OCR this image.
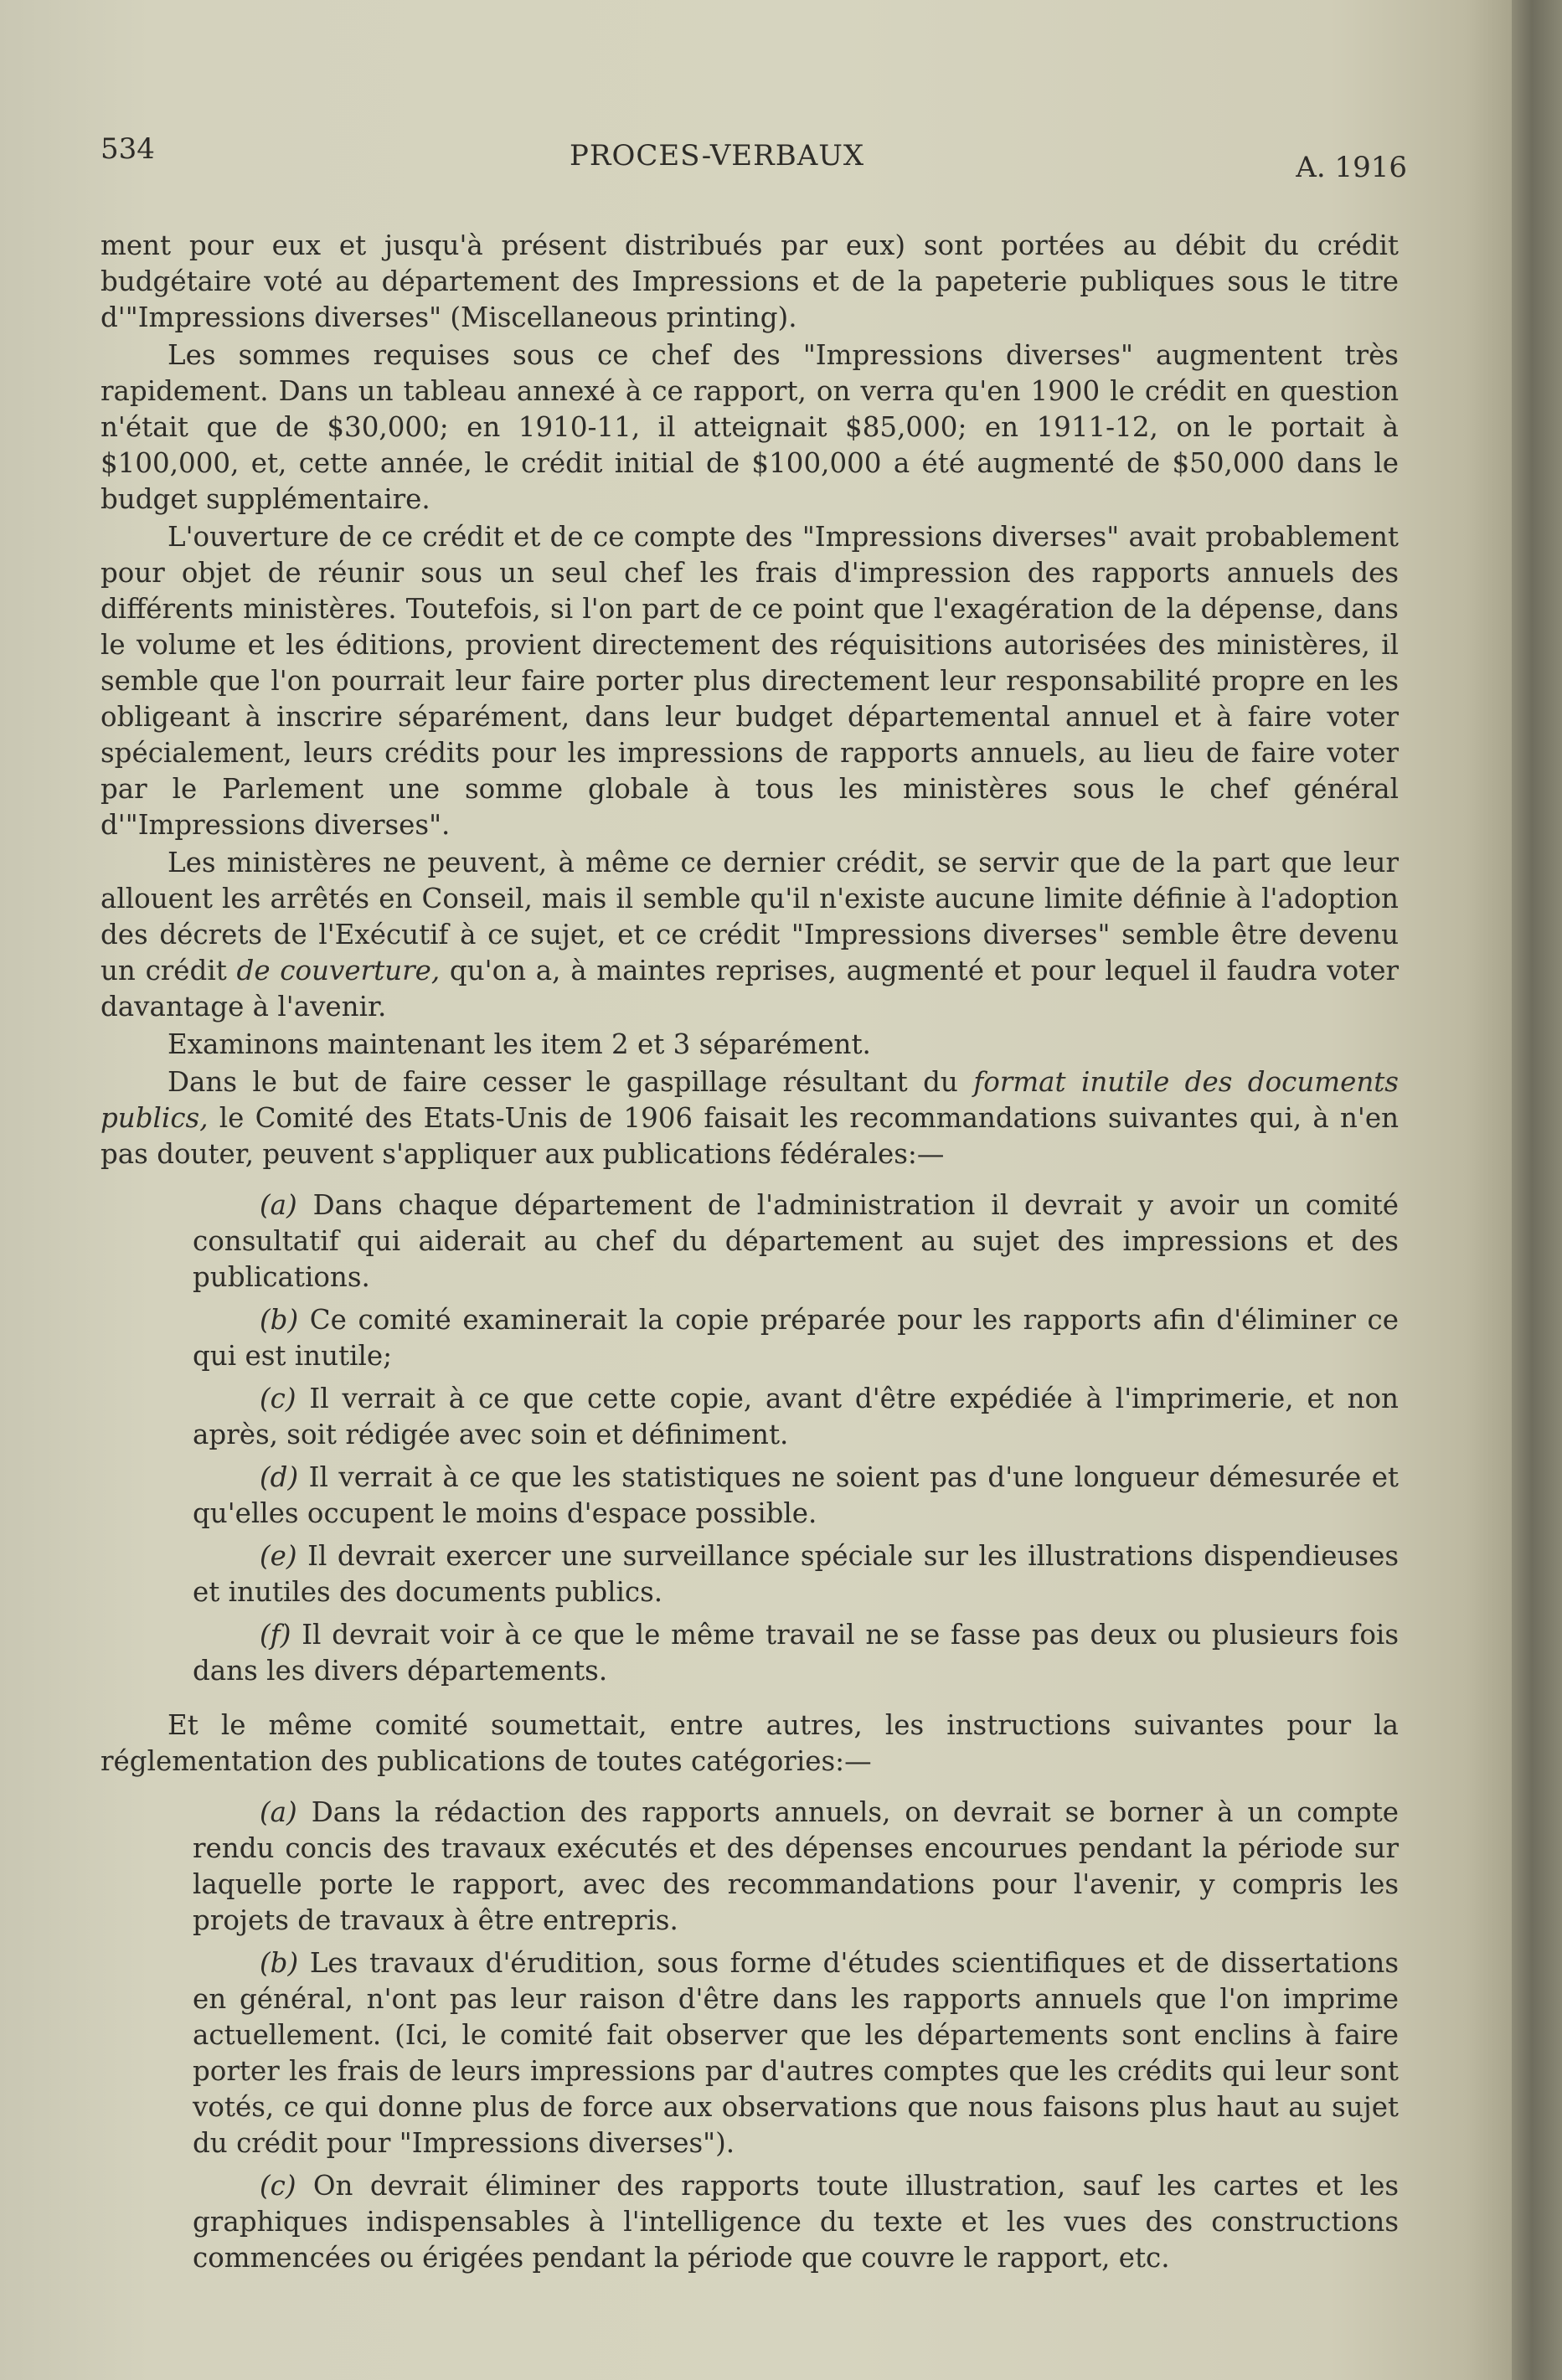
534	PROCES-VERBAUX	A. 1916

ment pour eux et jusqu'à présent distribués par eux) sont portées au débit du crédit budgétaire voté au département des Impressions et de la papeterie publiques sous le titre d'"Impressions diverses" (Miscellaneous printing).

Les sommes requises sous ce chef des "Impressions diverses" augmentent très rapidement. Dans un tableau annexé à ce rapport, on verra qu'en 1900 le crédit en question n'était que de $30,000; en 1910-11, il atteignait $85,000; en 1911-12, on le portait à $100,000, et, cette année, le crédit initial de $100,000 a été augmenté de $50,000 dans le budget supplémentaire.

L'ouverture de ce crédit et de ce compte des "Impressions diverses" avait probablement pour objet de réunir sous un seul chef les frais d'impression des rapports annuels des différents ministères. Toutefois, si l'on part de ce point que l'exagération de la dépense, dans le volume et les éditions, provient directement des réquisitions autorisées des ministères, il semble que l'on pourrait leur faire porter plus directement leur responsabilité propre en les obligeant à inscrire séparément, dans leur budget départemental annuel et à faire voter spécialement, leurs crédits pour les impressions de rapports annuels, au lieu de faire voter par le Parlement une somme globale à tous les ministères sous le chef général d'"Impressions diverses".

Les ministères ne peuvent, à même ce dernier crédit, se servir que de la part que leur allouent les arrêtés en Conseil, mais il semble qu'il n'existe aucune limite définie à l'adoption des décrets de l'Exécutif à ce sujet, et ce crédit "Impressions diverses" semble être devenu un crédit de couverture, qu'on a, à maintes reprises, augmenté et pour lequel il faudra voter davantage à l'avenir.

Examinons maintenant les item 2 et 3 séparément.

Dans le but de faire cesser le gaspillage résultant du format inutile des documents publics, le Comité des Etats-Unis de 1906 faisait les recommandations suivantes qui, à n'en pas douter, peuvent s'appliquer aux publications fédérales:—

(a) Dans chaque département de l'administration il devrait y avoir un comité consultatif qui aiderait au chef du département au sujet des impressions et des publications.

(b) Ce comité examinerait la copie préparée pour les rapports afin d'éliminer ce qui est inutile;

(c) Il verrait à ce que cette copie, avant d'être expédiée à l'imprimerie, et non après, soit rédigée avec soin et définiment.

(d) Il verrait à ce que les statistiques ne soient pas d'une longueur démesurée et qu'elles occupent le moins d'espace possible.

(e) Il devrait exercer une surveillance spéciale sur les illustrations dispendieuses et inutiles des documents publics.

(f) Il devrait voir à ce que le même travail ne se fasse pas deux ou plusieurs fois dans les divers départements.

Et le même comité soumettait, entre autres, les instructions suivantes pour la réglementation des publications de toutes catégories:—

(a) Dans la rédaction des rapports annuels, on devrait se borner à un compte rendu concis des travaux exécutés et des dépenses encourues pendant la période sur laquelle porte le rapport, avec des recommandations pour l'avenir, y compris les projets de travaux à être entrepris.

(b) Les travaux d'érudition, sous forme d'études scientifiques et de dissertations en général, n'ont pas leur raison d'être dans les rapports annuels que l'on imprime actuellement. (Ici, le comité fait observer que les départements sont enclins à faire porter les frais de leurs impressions par d'autres comptes que les crédits qui leur sont votés, ce qui donne plus de force aux observations que nous faisons plus haut au sujet du crédit pour "Impressions diverses").

(c) On devrait éliminer des rapports toute illustration, sauf les cartes et les graphiques indispensables à l'intelligence du texte et les vues des constructions commencées ou érigées pendant la période que couvre le rapport, etc.
